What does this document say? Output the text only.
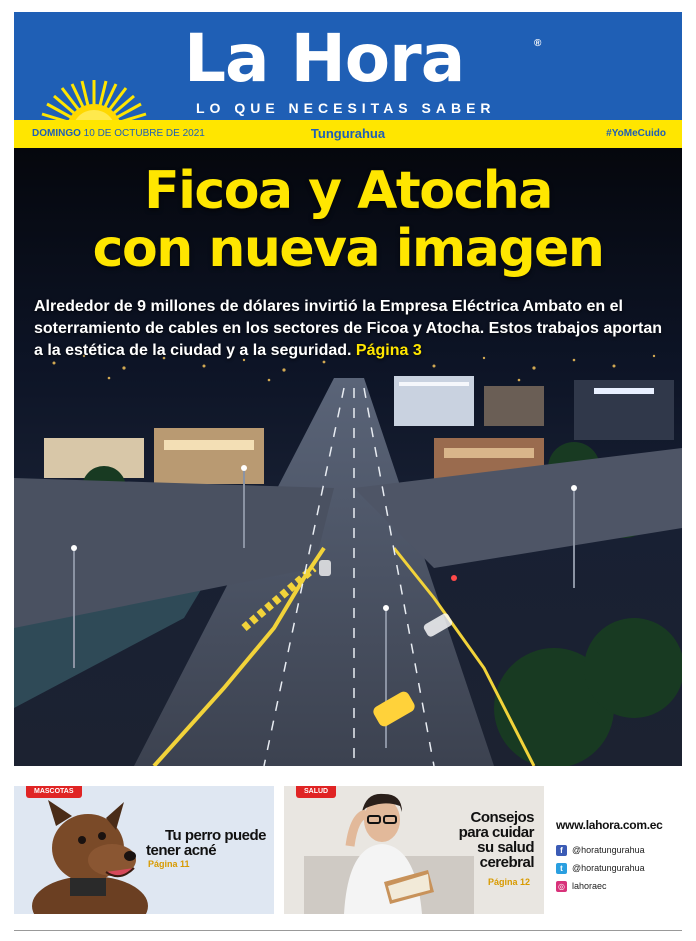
La Hora	®
LO QUE NECESITAS SABER
DOMINGO 10 DE OCTUBRE DE 2021	Tungurahua	#YoMeCuido
Ficoa y Atocha
con nueva imagen
Alrededor de 9 millones de dólares invirtió la Empresa Eléctrica Ambato en el soterramiento de cables en los sectores de Ficoa y Atocha. Estos trabajos aportan a la estética de la ciudad y a la seguridad. Página 3
MASCOTAS
Tu perro puede
tener acné
Página 11
SALUD
Consejos
para cuidar
su salud
cerebral
Página 12
www.lahora.com.ec
f	@horatungurahua
t	@horatungurahua
◎ lahoraec
